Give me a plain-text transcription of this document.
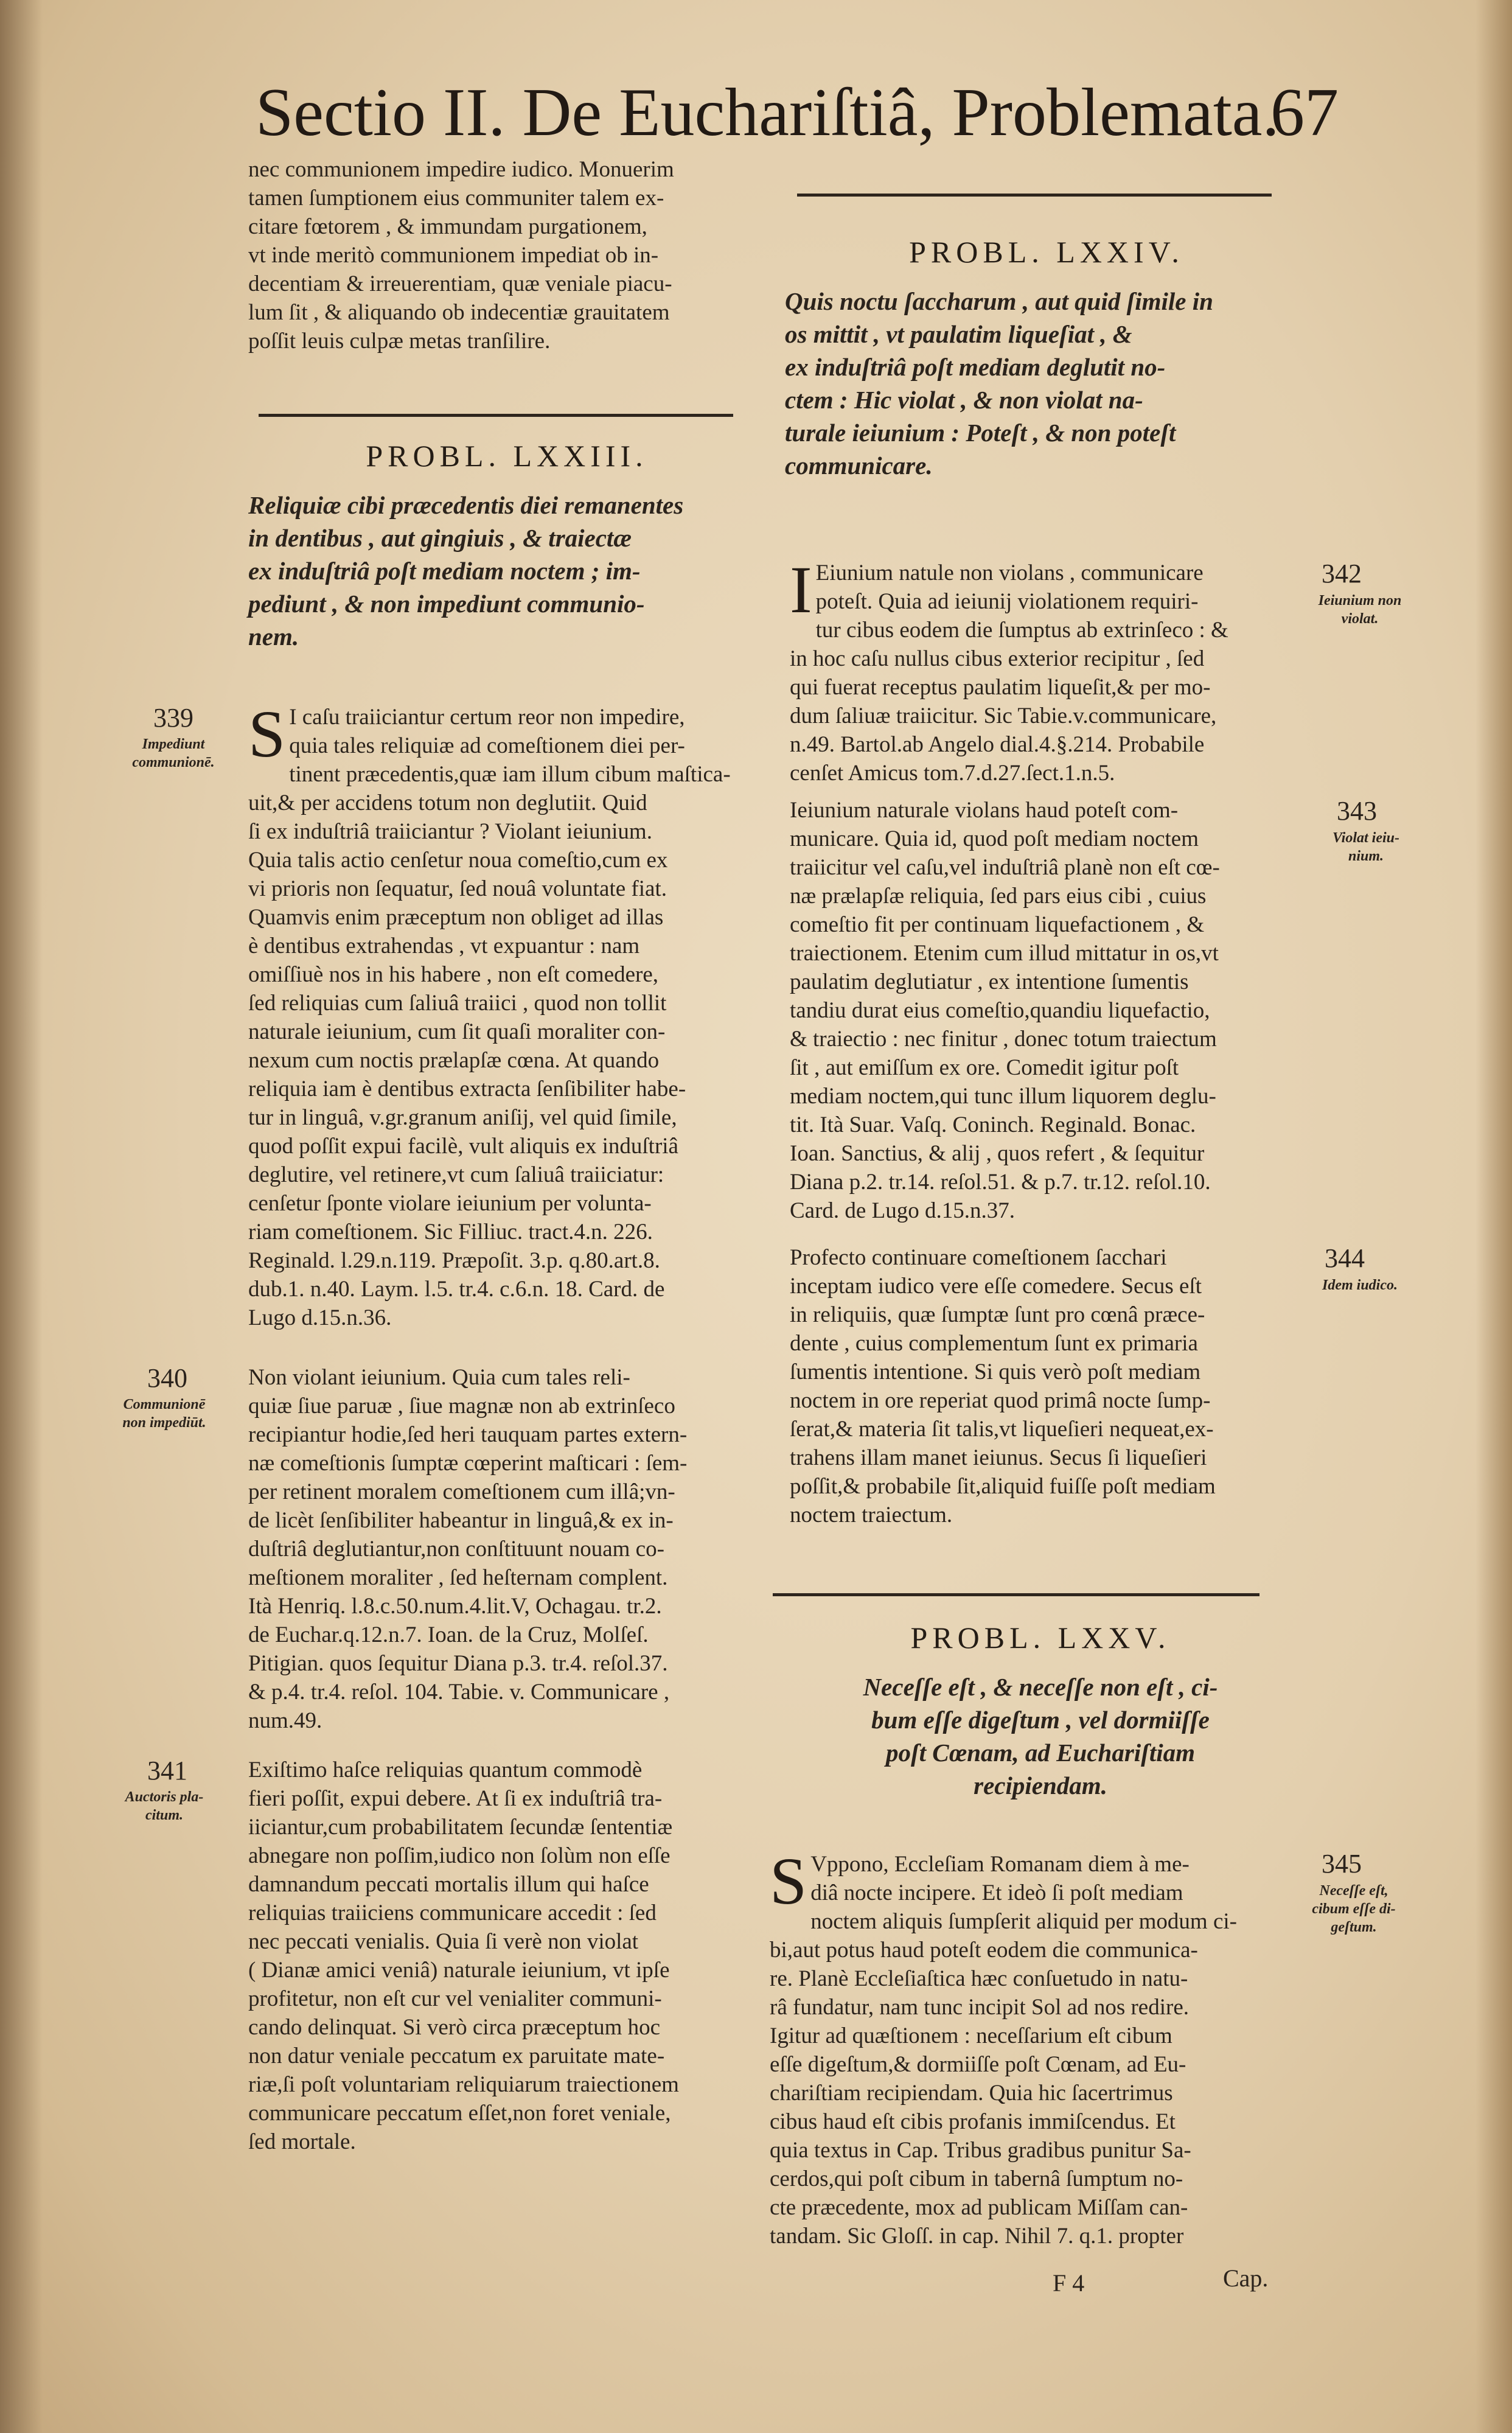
Sectio II. De Euchariſtiâ, Problemata.
67
nec communionem impedire iudico. Monuerim
tamen ſumptionem eius communiter talem ex-
citare fœtorem , & immundam purgationem,
vt inde meritò communionem impediat ob in-
decentiam & irreuerentiam, quæ veniale piacu-
lum ſit , & aliquando ob indecentiæ grauitatem
poſſit leuis culpæ metas tranſilire.
PROBL. LXXIII.
Reliquiæ cibi præcedentis diei remanentes
in dentibus , aut gingiuis , & traiectæ
ex induſtriâ poſt mediam noctem ; im-
pediunt , & non impediunt communio-
nem.
S I caſu traiiciantur certum reor non impedire,
quia tales reliquiæ ad comeſtionem diei per-
tinent præcedentis,quæ iam illum cibum maſtica-
uit,& per accidens totum non deglutiit. Quid
ſi ex induſtriâ traiiciantur ? Violant ieiunium.
Quia talis actio cenſetur noua comeſtio,cum ex
vi prioris non ſequatur, ſed nouâ voluntate fiat.
Quamvis enim præceptum non obliget ad illas
è dentibus extrahendas , vt expuantur : nam
omiſſiuè nos in his habere , non eſt comedere,
ſed reliquias cum ſaliuâ traiici , quod non tollit
naturale ieiunium, cum ſit quaſi moraliter con-
nexum cum noctis prælapſæ cœna. At quando
reliquia iam è dentibus extracta ſenſibiliter habe-
tur in linguâ, v.gr.granum aniſij, vel quid ſimile,
quod poſſit expui facilè, vult aliquis ex induſtriâ
deglutire, vel retinere,vt cum ſaliuâ traiiciatur:
cenſetur ſponte violare ieiunium per volunta-
riam comeſtionem. Sic Filliuc. tract.4.n. 226.
Reginald. l.29.n.119. Præpoſit. 3.p. q.80.art.8.
dub.1. n.40. Laym. l.5. tr.4. c.6.n. 18. Card. de
Lugo d.15.n.36.
Non violant ieiunium. Quia cum tales reli-
quiæ ſiue paruæ , ſiue magnæ non ab extrinſeco
recipiantur hodie,ſed heri tauquam partes extern-
næ comeſtionis ſumptæ cœperint maſticari : ſem-
per retinent moralem comeſtionem cum illâ;vn-
de licèt ſenſibiliter habeantur in linguâ,& ex in-
duſtriâ deglutiantur,non conſtituunt nouam co-
meſtionem moraliter , ſed heſternam complent.
Ità Henriq. l.8.c.50.num.4.lit.V, Ochagau. tr.2.
de Euchar.q.12.n.7. Ioan. de la Cruz, Molſeſ.
Pitigian. quos ſequitur Diana p.3. tr.4. reſol.37.
& p.4. tr.4. reſol. 104. Tabie. v. Communicare ,
num.49.
Exiſtimo haſce reliquias quantum commodè
fieri poſſit, expui debere. At ſi ex induſtriâ tra-
iiciantur,cum probabilitatem ſecundæ ſententiæ
abnegare non poſſim,iudico non ſolùm non eſſe
damnandum peccati mortalis illum qui haſce
reliquias traiiciens communicare accedit : ſed
nec peccati venialis. Quia ſi verè non violat
( Dianæ amici veniâ) naturale ieiunium, vt ipſe
profitetur, non eſt cur vel venialiter communi-
cando delinquat. Si verò circa præceptum hoc
non datur veniale peccatum ex paruitate mate-
riæ,ſi poſt voluntariam reliquiarum traiectionem
communicare peccatum eſſet,non foret veniale,
ſed mortale.
339
Impediunt
communionē.
340
Communionē
non impediūt.
341
Auctoris pla-
citum.
PROBL. LXXIV.
Quis noctu ſaccharum , aut quid ſimile in
os mittit , vt paulatim liqueſiat , &
ex induſtriâ poſt mediam deglutit no-
ctem : Hic violat , & non violat na-
turale ieiunium : Poteſt , & non poteſt
communicare.
I Eiunium natule non violans , communicare
poteſt. Quia ad ieiunij violationem requiri-
tur cibus eodem die ſumptus ab extrinſeco : &
in hoc caſu nullus cibus exterior recipitur , ſed
qui fuerat receptus paulatim liqueſit,& per mo-
dum ſaliuæ traiicitur. Sic Tabie.v.communicare,
n.49. Bartol.ab Angelo dial.4.§.214. Probabile
cenſet Amicus tom.7.d.27.ſect.1.n.5.
Ieiunium naturale violans haud poteſt com-
municare. Quia id, quod poſt mediam noctem
traiicitur vel caſu,vel induſtriâ planè non eſt cœ-
næ prælapſæ reliquia, ſed pars eius cibi , cuius
comeſtio fit per continuam liquefactionem , &
traiectionem. Etenim cum illud mittatur in os,vt
paulatim deglutiatur , ex intentione ſumentis
tandiu durat eius comeſtio,quandiu liquefactio,
& traiectio : nec finitur , donec totum traiectum
ſit , aut emiſſum ex ore. Comedit igitur poſt
mediam noctem,qui tunc illum liquorem deglu-
tit. Ità Suar. Vaſq. Coninch. Reginald. Bonac.
Ioan. Sanctius, & alij , quos refert , & ſequitur
Diana p.2. tr.14. reſol.51. & p.7. tr.12. reſol.10.
Card. de Lugo d.15.n.37.
Profecto continuare comeſtionem ſacchari
inceptam iudico vere eſſe comedere. Secus eſt
in reliquiis, quæ ſumptæ ſunt pro cœnâ præce-
dente , cuius complementum ſunt ex primaria
ſumentis intentione. Si quis verò poſt mediam
noctem in ore reperiat quod primâ nocte ſump-
ſerat,& materia ſit talis,vt liqueſieri nequeat,ex-
trahens illam manet ieiunus. Secus ſi liqueſieri
poſſit,& probabile ſit,aliquid fuiſſe poſt mediam
noctem traiectum.
PROBL. LXXV.
Neceſſe eſt , & neceſſe non eſt , ci-
bum eſſe digeſtum , vel dormiiſſe
poſt Cœnam, ad Euchariſtiam
recipiendam.
S Vppono, Eccleſiam Romanam diem à me-
diâ nocte incipere. Et ideò ſi poſt mediam
noctem aliquis ſumpſerit aliquid per modum ci-
bi,aut potus haud poteſt eodem die communica-
re. Planè Eccleſiaſtica hæc conſuetudo in natu-
râ fundatur, nam tunc incipit Sol ad nos redire.
Igitur ad quæſtionem : neceſſarium eſt cibum
eſſe digeſtum,& dormiiſſe poſt Cœnam, ad Eu-
chariſtiam recipiendam. Quia hic ſacertrimus
cibus haud eſt cibis profanis immiſcendus. Et
quia textus in Cap. Tribus gradibus punitur Sa-
cerdos,qui poſt cibum in tabernâ ſumptum no-
cte præcedente, mox ad publicam Miſſam can-
tandam. Sic Gloſſ. in cap. Nihil 7. q.1. propter
342
Ieiunium non
violat.
343
Violat ieiu-
nium.
344
Idem iudico.
345
Neceſſe eſt,
cibum eſſe di-
geſtum.
F 4	Cap.
